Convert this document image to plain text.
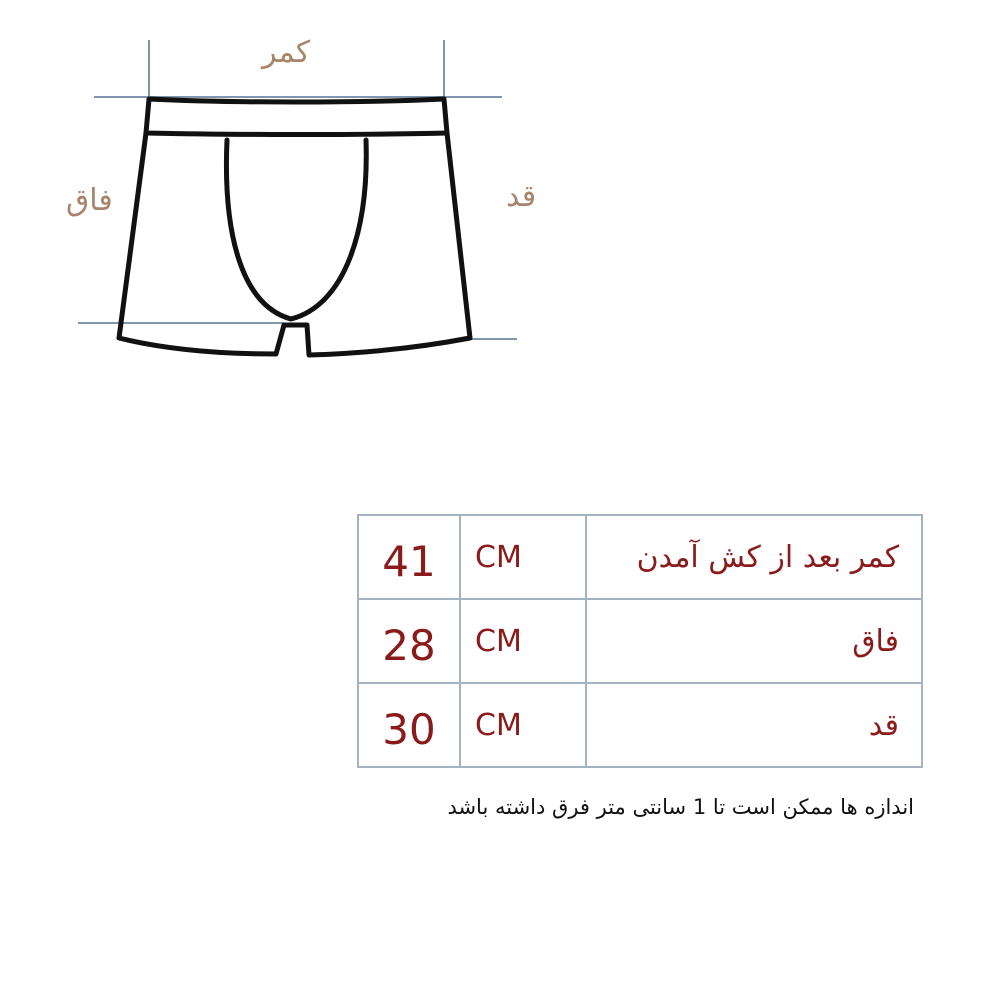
کمر
فاق	قد
41	CM	کمر بعد از کش آمدن
28	CM	فاق
30	CM	قد
اندازه ها ممکن است تا 1 سانتی متر فرق داشته باشد
